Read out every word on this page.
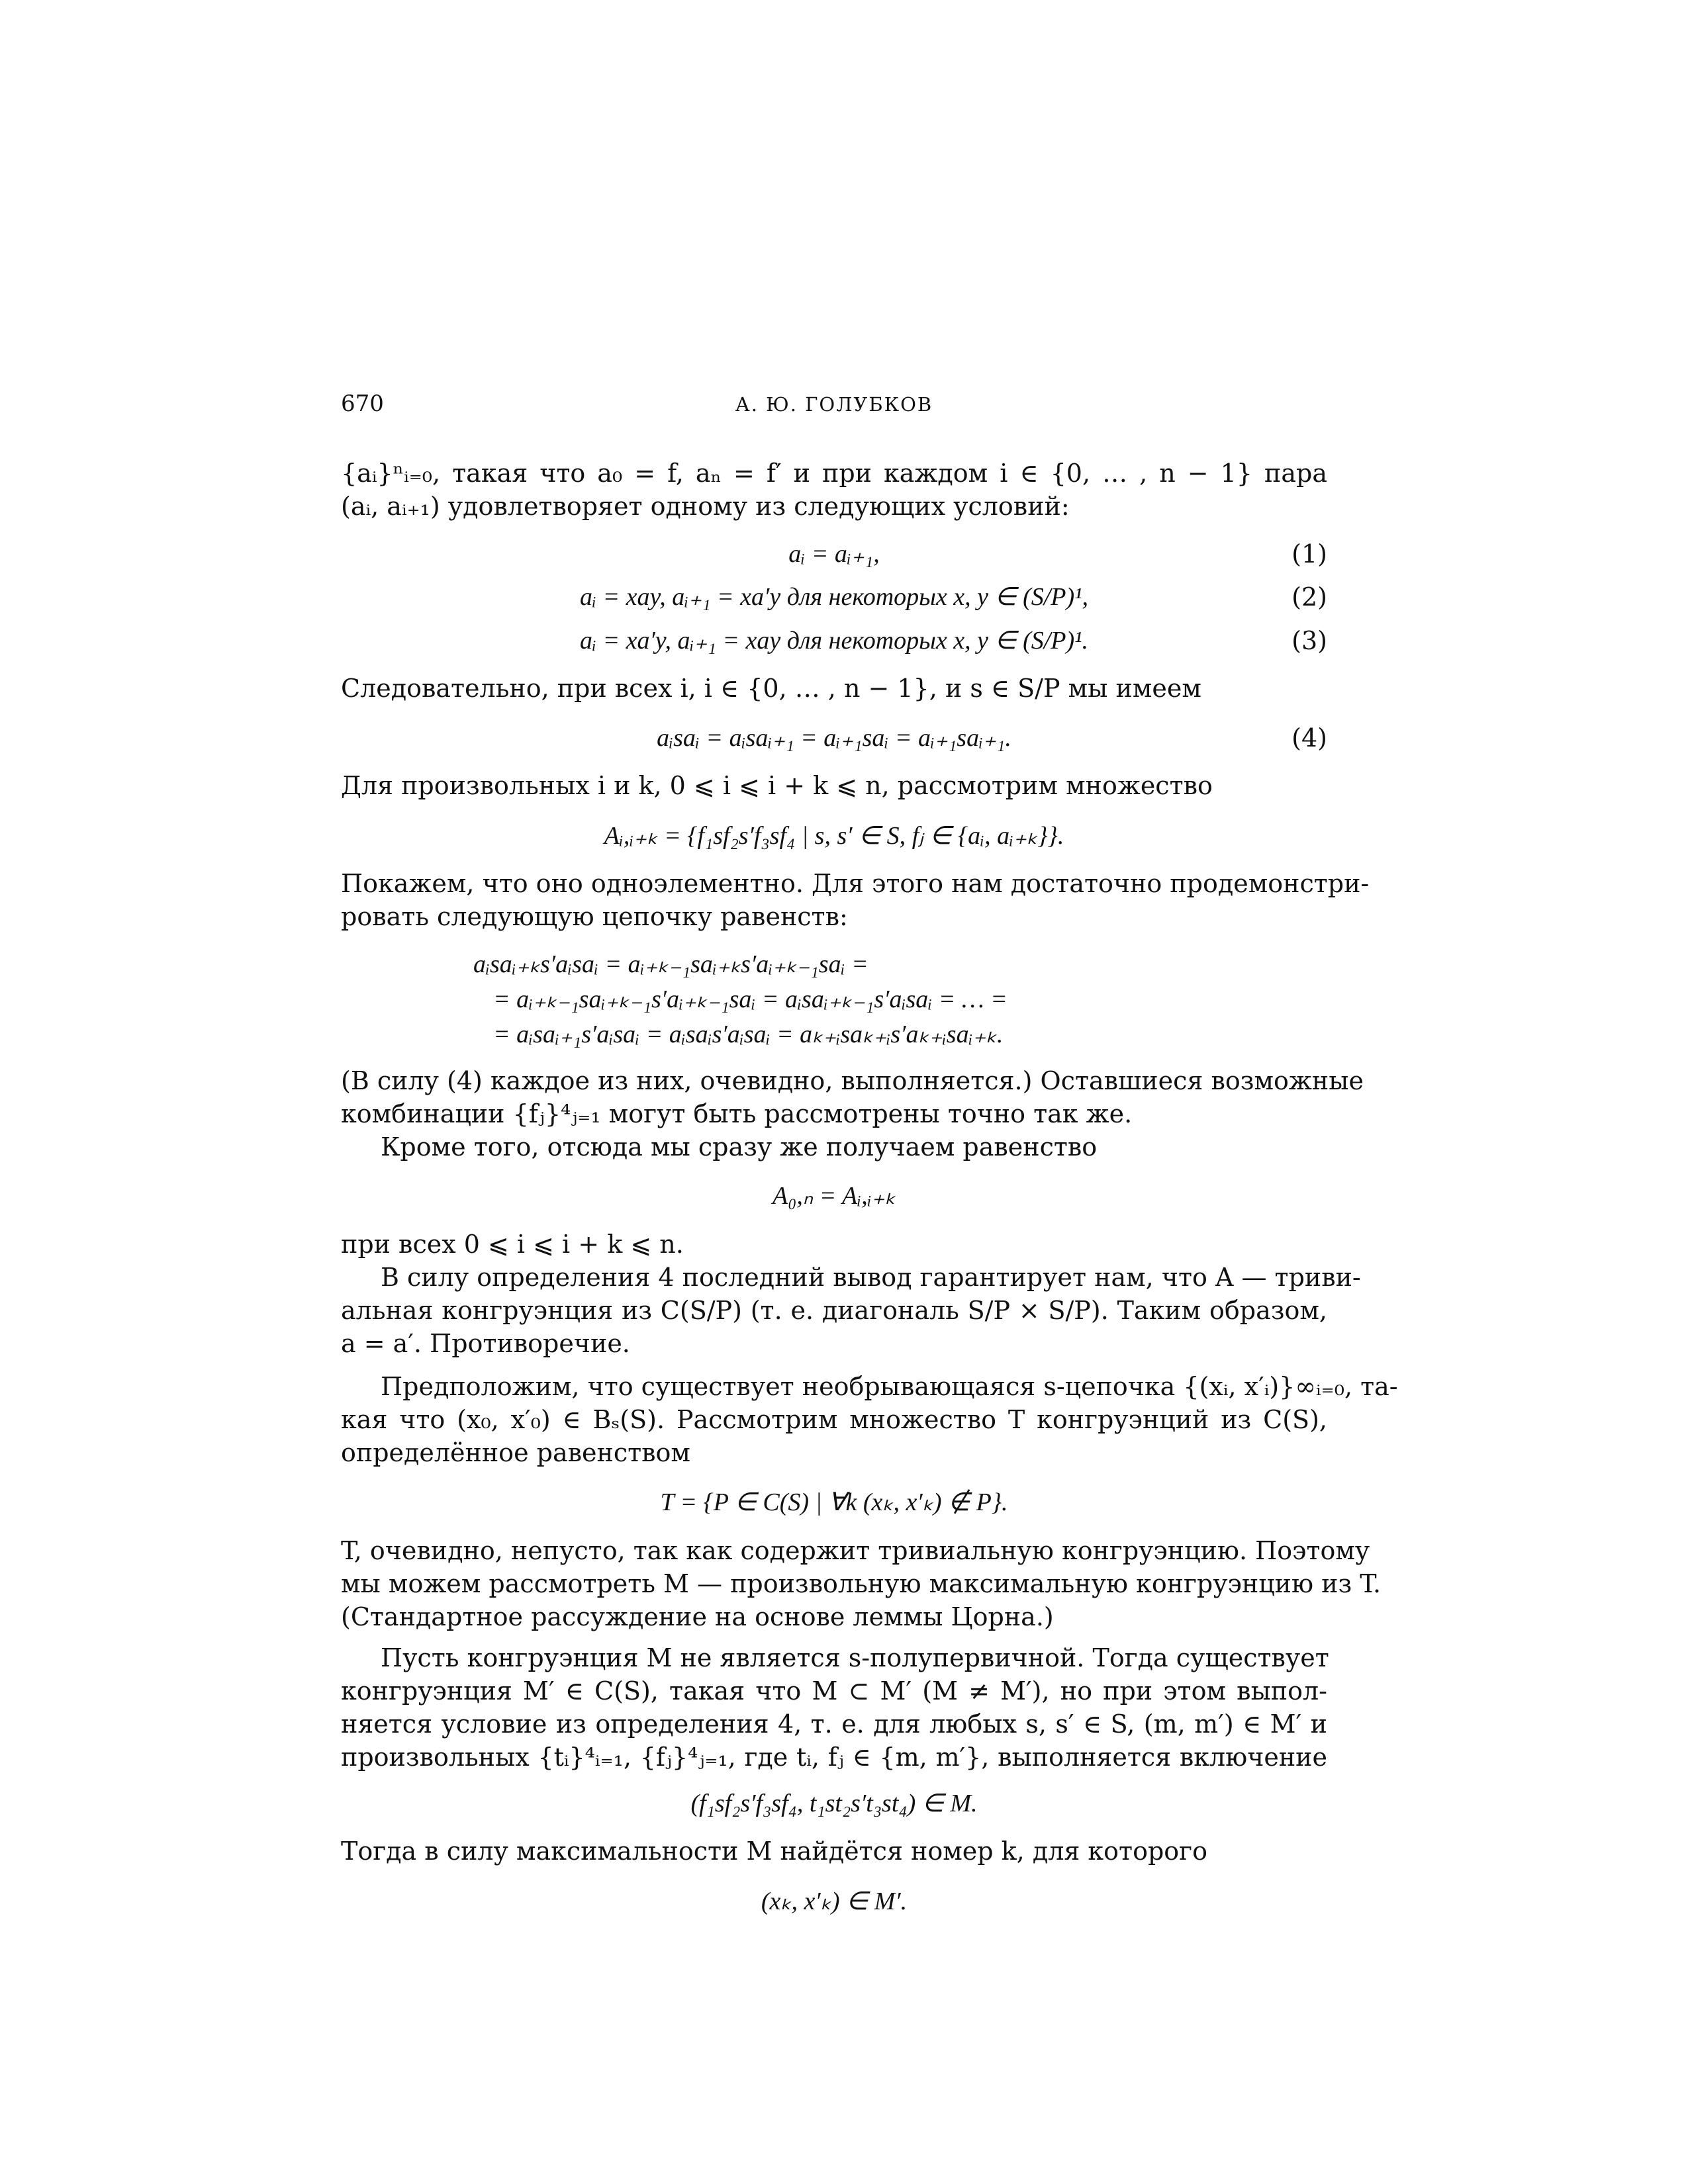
670	А. Ю. ГОЛУБКОВ
{aᵢ}ⁿᵢ₌₀, такая что a₀ = f, aₙ = f′ и при каждом i ∈ {0, … , n − 1} пара
(aᵢ, aᵢ₊₁) удовлетворяет одному из следующих условий:
aᵢ = aᵢ₊₁,	(1)
aᵢ = xay, aᵢ₊₁ = xa′y для некоторых x, y ∈ (S/P)¹,	(2)
aᵢ = xa′y, aᵢ₊₁ = xay для некоторых x, y ∈ (S/P)¹.	(3)
Следовательно, при всех i, i ∈ {0, … , n − 1}, и s ∈ S/P мы имеем
aᵢsaᵢ = aᵢsaᵢ₊₁ = aᵢ₊₁saᵢ = aᵢ₊₁saᵢ₊₁.	(4)
Для произвольных i и k, 0 ⩽ i ⩽ i + k ⩽ n, рассмотрим множество
Aᵢ,ᵢ₊ₖ = {f₁sf₂s′f₃sf₄ | s, s′ ∈ S, fⱼ ∈ {aᵢ, aᵢ₊ₖ}}.
Покажем, что оно одноэлементно. Для этого нам достаточно продемонстри-
ровать следующую цепочку равенств:
aᵢsaᵢ₊ₖs′aᵢsaᵢ = aᵢ₊ₖ₋₁saᵢ₊ₖs′aᵢ₊ₖ₋₁saᵢ =
= aᵢ₊ₖ₋₁saᵢ₊ₖ₋₁s′aᵢ₊ₖ₋₁saᵢ = aᵢsaᵢ₊ₖ₋₁s′aᵢsaᵢ = … =
= aᵢsaᵢ₊₁s′aᵢsaᵢ = aᵢsaᵢs′aᵢsaᵢ = aₖ₊ᵢsaₖ₊ᵢs′aₖ₊ᵢsaᵢ₊ₖ.
(В силу (4) каждое из них, очевидно, выполняется.) Оставшиеся возможные
комбинации {fⱼ}⁴ⱼ₌₁ могут быть рассмотрены точно так же.
Кроме того, отсюда мы сразу же получаем равенство
A₀,ₙ = Aᵢ,ᵢ₊ₖ
при всех 0 ⩽ i ⩽ i + k ⩽ n.
В силу определения 4 последний вывод гарантирует нам, что A — триви-
альная конгруэнция из C(S/P) (т. е. диагональ S/P × S/P). Таким образом,
a = a′. Противоречие.
Предположим, что существует необрывающаяся s-цепочка {(xᵢ, x′ᵢ)}∞ᵢ₌₀, та-
кая что (x₀, x′₀) ∈ Bₛ(S). Рассмотрим множество T конгруэнций из C(S),
определённое равенством
T = {P ∈ C(S) | ∀k (xₖ, x′ₖ) ∉ P}.
T, очевидно, непусто, так как содержит тривиальную конгруэнцию. Поэтому
мы можем рассмотреть M — произвольную максимальную конгруэнцию из T.
(Стандартное рассуждение на основе леммы Цорна.)
Пусть конгруэнция M не является s-полупервичной. Тогда существует
конгруэнция M′ ∈ C(S), такая что M ⊂ M′ (M ≠ M′), но при этом выпол-
няется условие из определения 4, т. е. для любых s, s′ ∈ S, (m, m′) ∈ M′ и
произвольных {tᵢ}⁴ᵢ₌₁, {fⱼ}⁴ⱼ₌₁, где tᵢ, fⱼ ∈ {m, m′}, выполняется включение
(f₁sf₂s′f₃sf₄, t₁st₂s′t₃st₄) ∈ M.
Тогда в силу максимальности M найдётся номер k, для которого
(xₖ, x′ₖ) ∈ M′.
